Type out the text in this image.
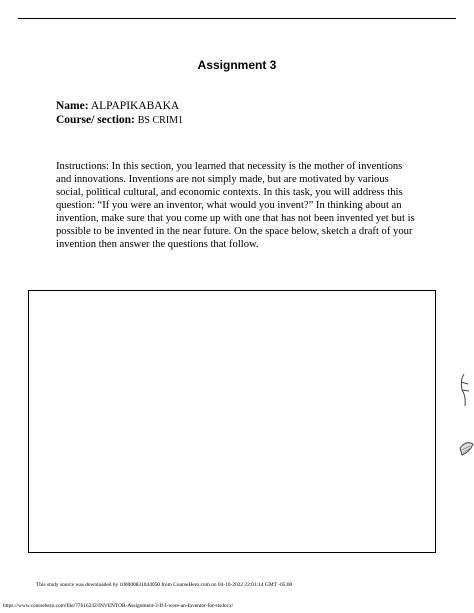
Assignment 3
Name: ALPAPIKABAKA
Course/ section: BS CRIM1
Instructions: In this section, you learned that necessity is the mother of inventions and innovations. Inventions are not simply made, but are motivated by various social, political cultural, and economic contexts. In this task, you will address this question: “If you were an inventor, what would you invent?” In thinking about an invention, make sure that you come up with one that has not been invented yet but is possible to be invented in the near future. On the space below, sketch a draft of your invention then answer the questions that follow.
This study source was downloaded by 100000831044050 from CourseHero.com on 04-10-2022 22:01:14 GMT -05:00
https://www.coursehero.com/file/77616242/INVENTOR-Assignment-3-If-I-were-an-Inventor-for-stsdocx/
